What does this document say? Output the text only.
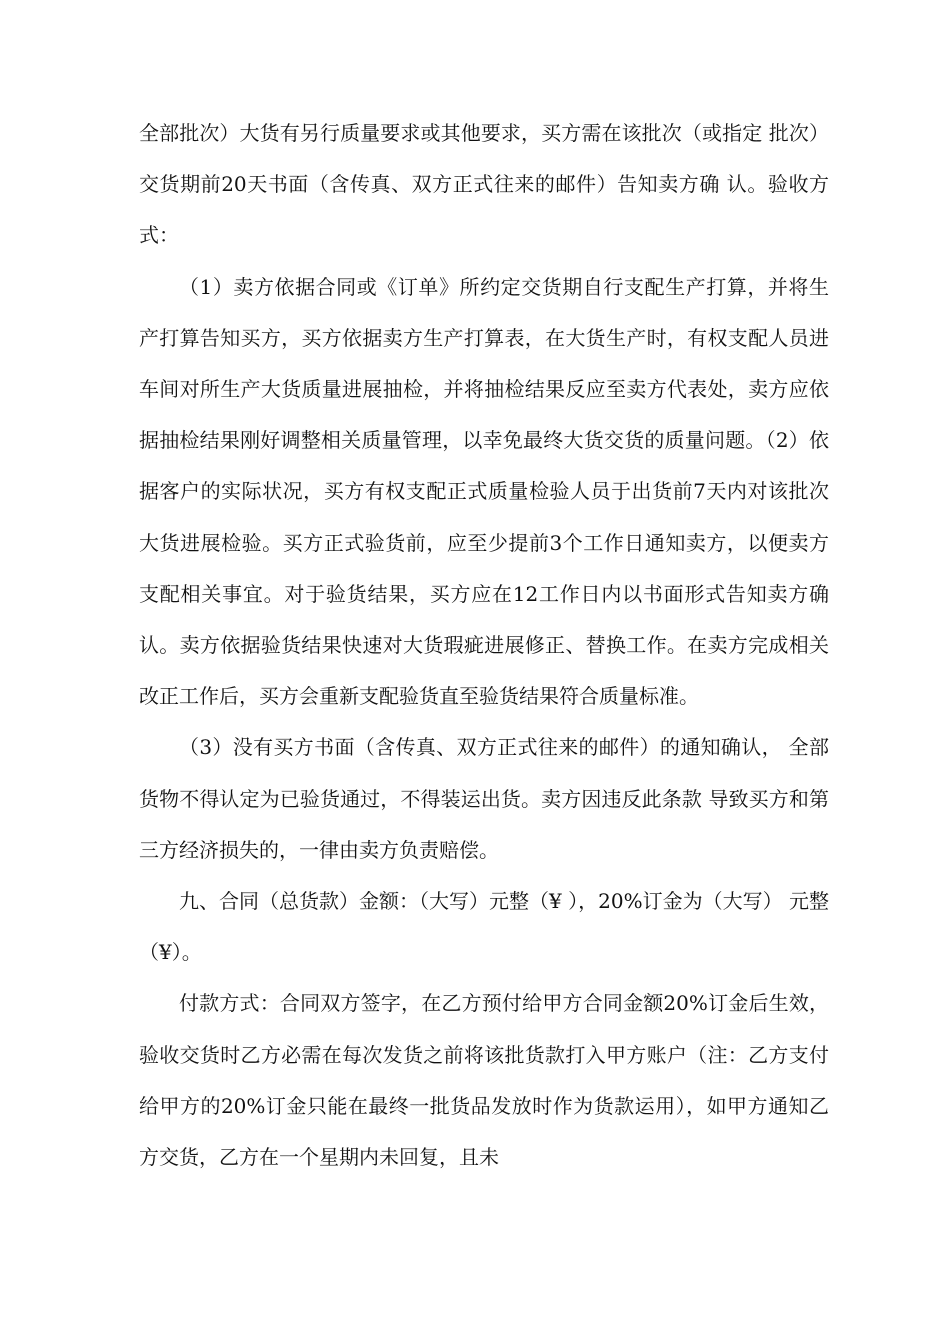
全部批次）大货有另行质量要求或其他要求，买方需在该批次（或指定 批次）交货期前20天书面（含传真、双方正式往来的邮件）告知卖方确 认。验收方式：

（1）卖方依据合同或《订单》所约定交货期自行支配生产打算，并将生产打算告知买方，买方依据卖方生产打算表，在大货生产时，有权支配人员进车间对所生产大货质量进展抽检，并将抽检结果反应至卖方代表处，卖方应依据抽检结果刚好调整相关质量管理，以幸免最终大货交货的质量问题。（2）依据客户的实际状况，买方有权支配正式质量检验人员于出货前7天内对该批次大货进展检验。买方正式验货前，应至少提前3个工作日通知卖方，以便卖方支配相关事宜。对于验货结果，买方应在12工作日内以书面形式告知卖方确认。卖方依据验货结果快速对大货瑕疵进展修正、替换工作。在卖方完成相关改正工作后，买方会重新支配验货直至验货结果符合质量标准。

（3）没有买方书面（含传真、双方正式往来的邮件）的通知确认， 全部货物不得认定为已验货通过，不得装运出货。卖方因违反此条款 导致买方和第三方经济损失的，一律由卖方负责赔偿。

九、合同（总货款）金额：（大写）元整（¥ ），20%订金为（大写） 元整（¥）。

付款方式：合同双方签字，在乙方预付给甲方合同金额20%订金后生效，验收交货时乙方必需在每次发货之前将该批货款打入甲方账户（注：乙方支付给甲方的20%订金只能在最终一批货品发放时作为货款运用），如甲方通知乙方交货，乙方在一个星期内未回复，且未
